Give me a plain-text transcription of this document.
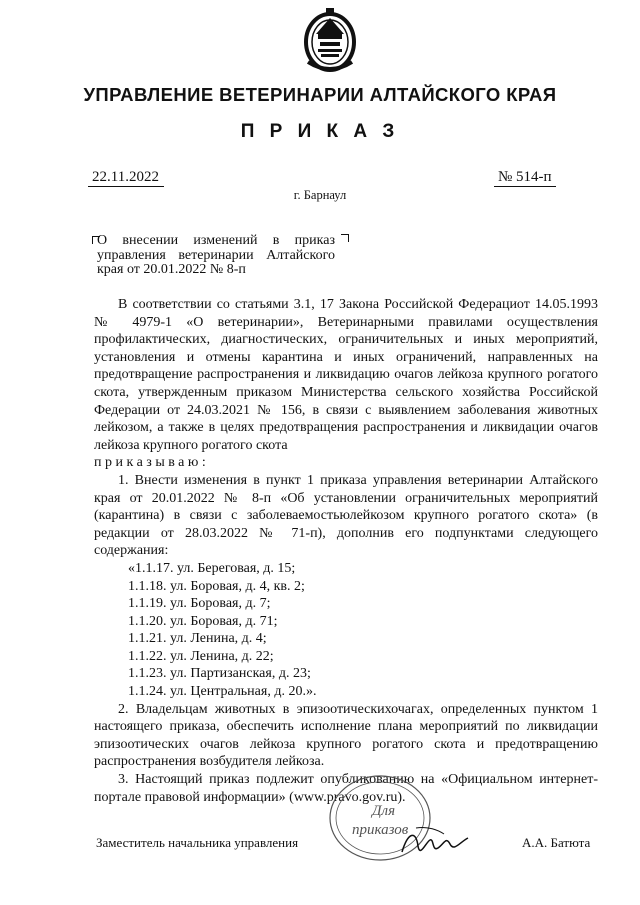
УПРАВЛЕНИЕ ВЕТЕРИНАРИИ АЛТАЙСКОГО КРАЯ
П Р И К А З
22.11.2022	№ 514-п
г. Барнаул
О внесении изменений в приказ
управления ветеринарии Алтайского

края от 20.01.2022 № 8-п

В соответствии со статьями 3.1, 17 Закона Российской Федерациот 14.05.1993 № 4979-1 «О ветеринарии», Ветеринарными правилами осуществления профилактических, диагностических, ограничительных и иных мероприятий, установления и отмены карантина и иных ограничений, направленных на предотвращение распространения и ликвидацию очагов лейкоза крупного рогатого скота, утвержденным приказом Министерства сельского хозяйства Российской Федерации от 24.03.2021 № 156, в связи с выявлением заболевания животных лейкозом, а также в целях предотвращения распространения и ликвидации очагов лейкоза крупного рогатого скота

приказываю:

1. Внести изменения в пункт 1 приказа управления ветеринарии Алтайского края от 20.01.2022 № 8-п «Об установлении ограничительных мероприятий (карантина) в связи с заболеваемостьюлейкозом крупного рогатого скота» (в редакции от 28.03.2022 № 71-п), дополнив его подпунктами следующего содержания:

«1.1.17. ул. Береговая, д. 15;
1.1.18. ул. Боровая, д. 4, кв. 2;
1.1.19. ул. Боровая, д. 7;
1.1.20. ул. Боровая, д. 71;
1.1.21. ул. Ленина, д. 4;
1.1.22. ул. Ленина, д. 22;
1.1.23. ул. Партизанская, д. 23;
1.1.24. ул. Центральная, д. 20.».

2. Владельцам животных в эпизоотическихочагах, определенных пунктом 1 настоящего приказа, обеспечить исполнение плана мероприятий по ликвидации эпизоотических очагов лейкоза крупного рогатого скота и предотвращению распространения возбудителя лейкоза.

3. Настоящий приказ подлежит опубликованию на «Официальном интернет-портале правовой информации» (www.pravo.gov.ru).

Для
приказов
Заместитель начальника управления	А.А. Батюта
